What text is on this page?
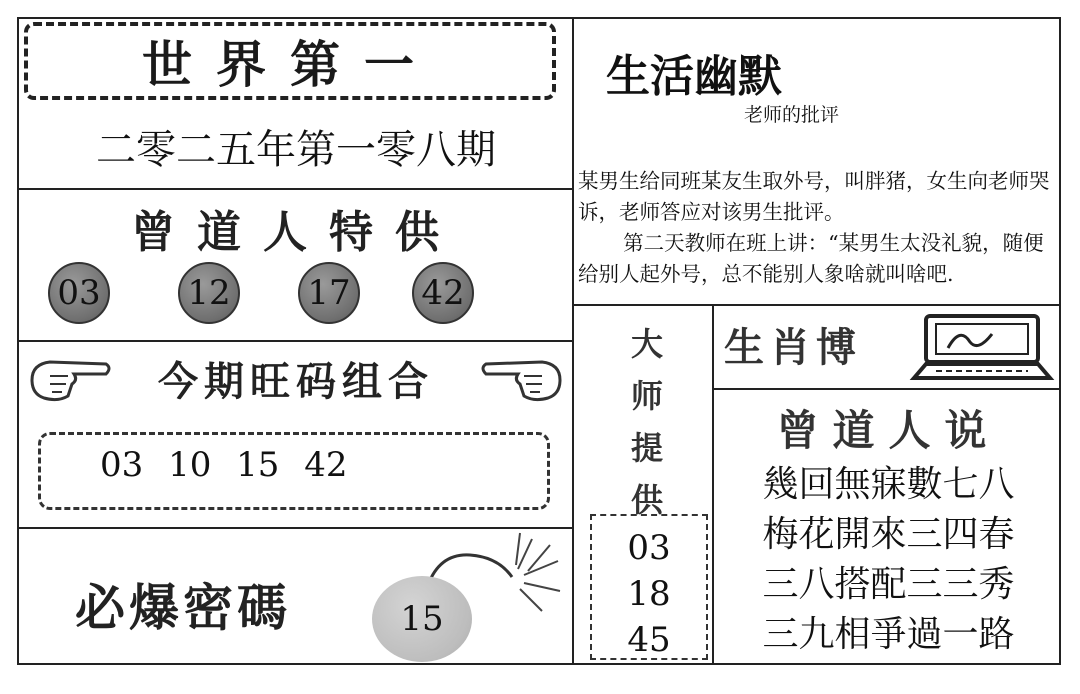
世界第一
二零二五年第一零八期
曾道人特供
03	12 17 42
今期旺码组合
03 10 15 42
必爆密碼	15
生活幽默
老师的批评

某男生给同班某友生取外号，叫胖猪，女生向老师哭诉，老师答应对该男生批评。

第二天教师在班上讲：“某男生太没礼貌，随便给别人起外号，总不能别人象啥就叫啥吧.

大
师
提
供
03
18
45
生肖博
曾道人说
幾回無寐數七八
梅花開來三四春
三八搭配三三秀
三九相爭過一路
